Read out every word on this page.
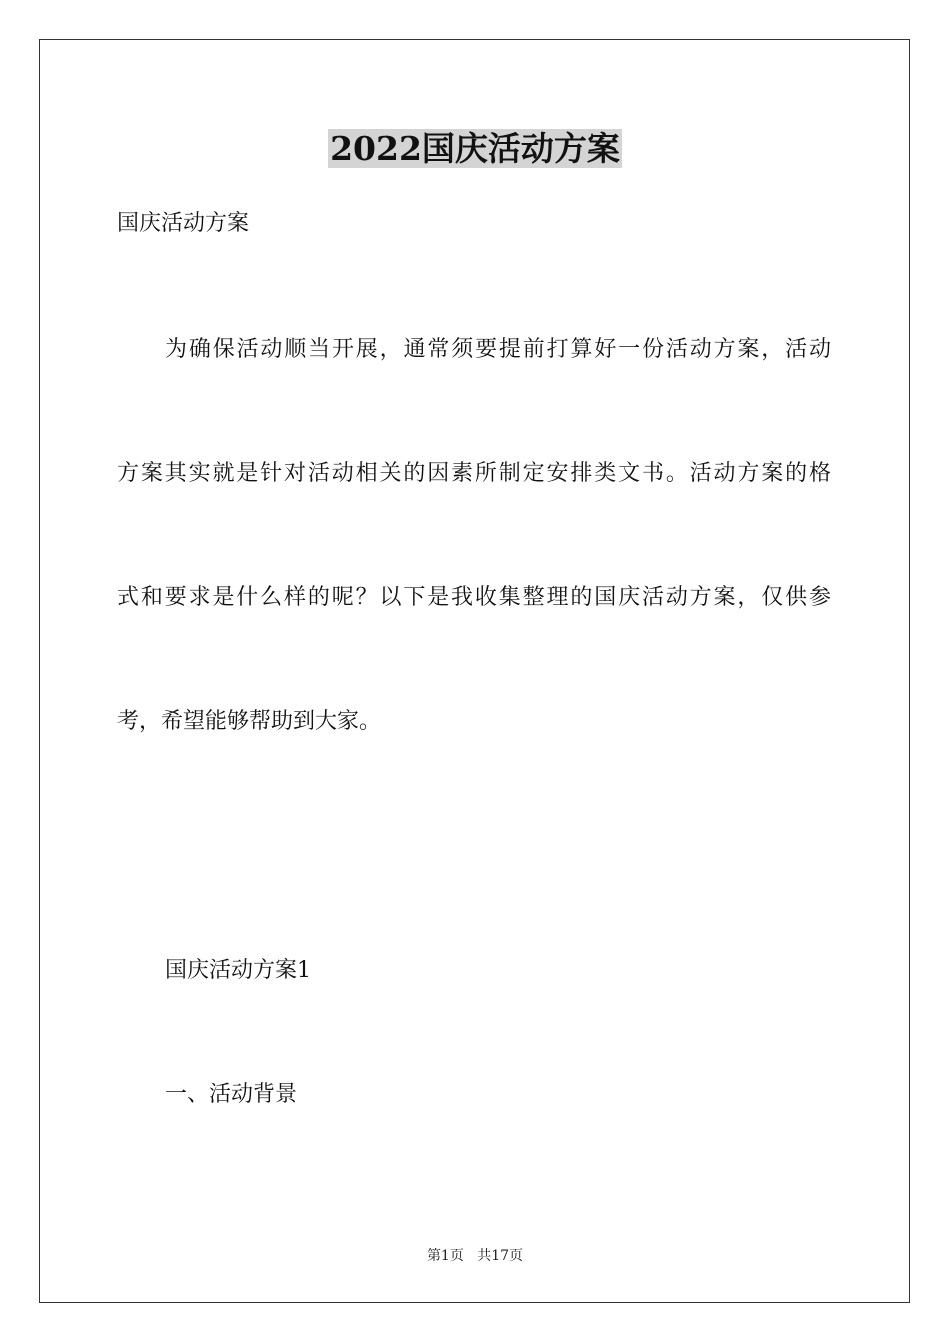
2022国庆活动方案
国庆活动方案
为确保活动顺当开展，通常须要提前打算好一份活动方案，活动
方案其实就是针对活动相关的因素所制定安排类文书。活动方案的格
式和要求是什么样的呢？以下是我收集整理的国庆活动方案，仅供参
考，希望能够帮助到大家。
国庆活动方案1
一、活动背景
第1页 共17页
